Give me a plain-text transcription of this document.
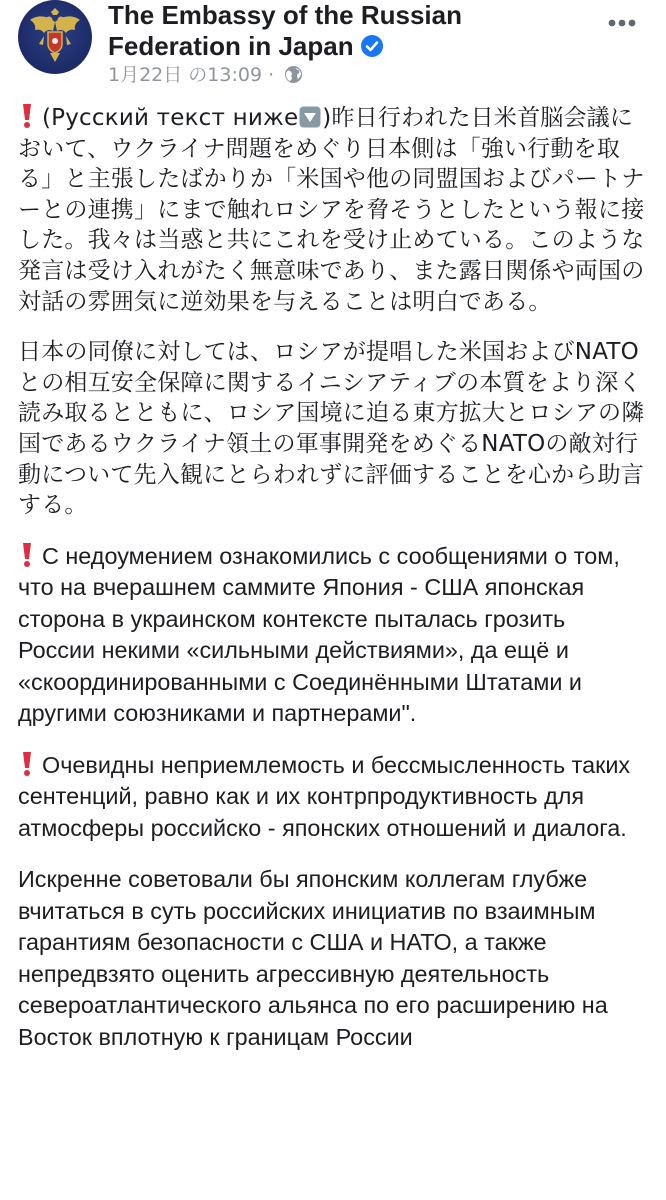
The Embassy of the Russian Federation in Japan
1月22日 の13:09 ·

(Русский текст ниже )昨日行われた日米首脳会議において、ウクライナ問題をめぐり日本側は「強い行動を取る」と主張したばかりか「米国や他の同盟国およびパートナーとの連携」にまで触れロシアを脅そうとしたという報に接した。我々は当惑と共にこれを受け止めている。このような発言は受け入れがたく無意味であり、また露日関係や両国の対話の雰囲気に逆効果を与えることは明白である。

日本の同僚に対しては、ロシアが提唱した米国およびNATOとの相互安全保障に関するイニシアティブの本質をより深く読み取るとともに、ロシア国境に迫る東方拡大とロシアの隣国であるウクライナ領土の軍事開発をめぐるNATOの敵対行動について先入観にとらわれずに評価することを心から助言する。

С недоумением ознакомились с сообщениями о том, что на вчерашнем саммите Япония - США японская сторона в украинском контексте пыталась грозить России некими «сильными действиями», да ещё и «скоординированными с Соединёнными Штатами и другими союзниками и партнерами".

Очевидны неприемлемость и бессмысленность таких сентенций, равно как и их контрпродуктивность для атмосферы российско - японских отношений и диалога.

Искренне советовали бы японским коллегам глубже вчитаться в суть российских инициатив по взаимным гарантиям безопасности с США и НАТО, а также непредвзято оценить агрессивную деятельность североатлантического альянса по его расширению на Восток вплотную к границам России
